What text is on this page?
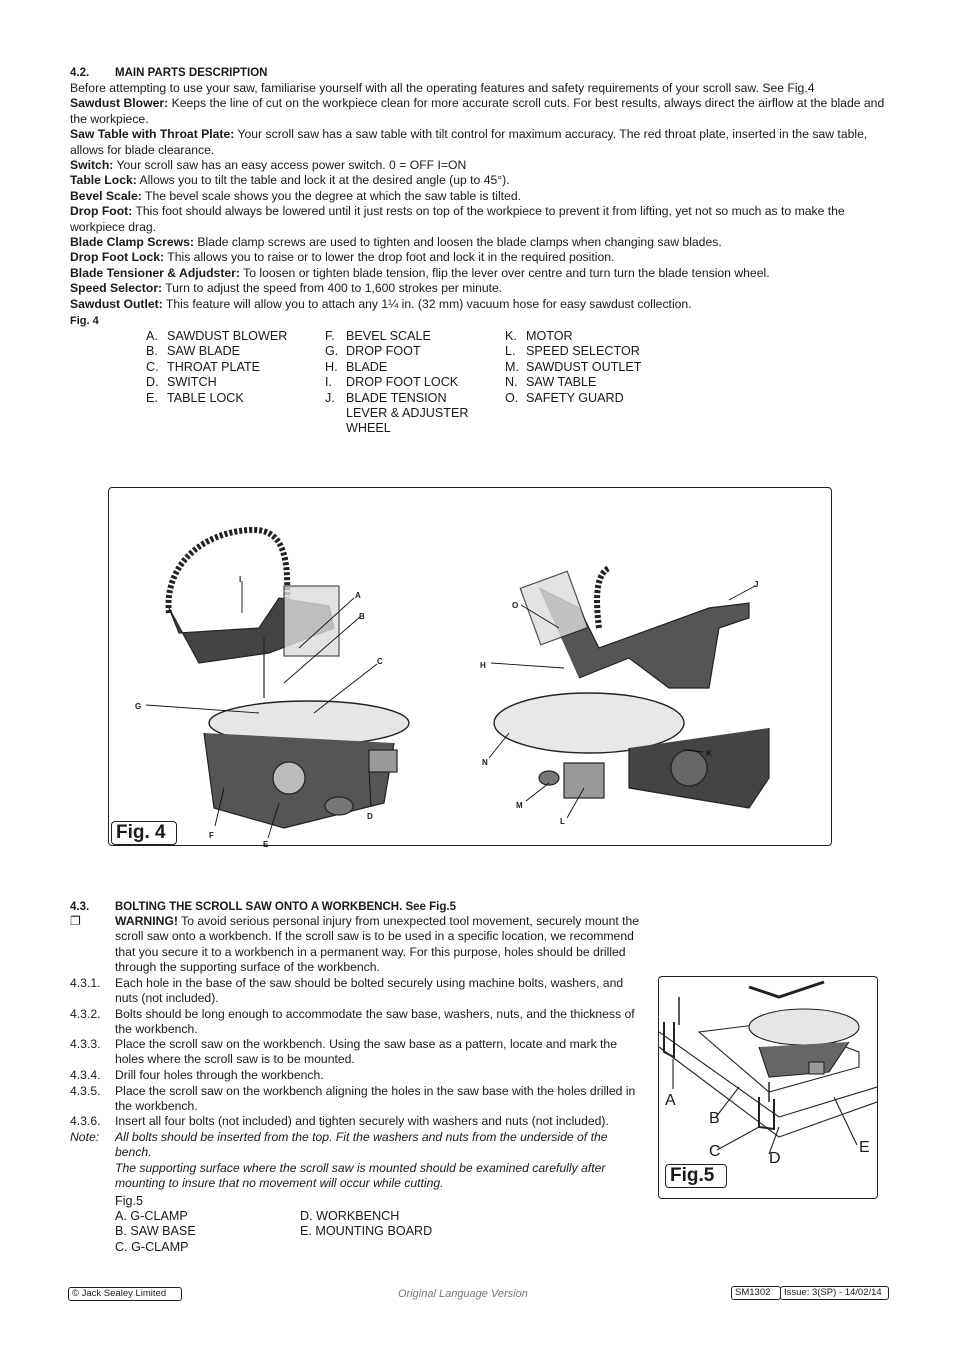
4.2. MAIN PARTS DESCRIPTION

Before attempting to use your saw, familiarise yourself with all the operating features and safety requirements of your scroll saw. See Fig.4

Sawdust Blower: Keeps the line of cut on the workpiece clean for more accurate scroll cuts. For best results, always direct the airflow at the blade and the workpiece.

Saw Table with Throat Plate: Your scroll saw has a saw table with tilt control for maximum accuracy. The red throat plate, inserted in the saw table, allows for blade clearance.

Switch: Your scroll saw has an easy access power switch. 0 = OFF I=ON

Table Lock: Allows you to tilt the table and lock it at the desired angle (up to 45°).

Bevel Scale: The bevel scale shows you the degree at which the saw table is tilted.

Drop Foot: This foot should always be lowered until it just rests on top of the workpiece to prevent it from lifting, yet not so much as to make the workpiece drag.

Blade Clamp Screws: Blade clamp screws are used to tighten and loosen the blade clamps when changing saw blades.

Drop Foot Lock: This allows you to raise or to lower the drop foot and lock it in the required position.

Blade Tensioner & Adjudster: To loosen or tighten blade tension, flip the lever over centre and turn turn the blade tension wheel.

Speed Selector: Turn to adjust the speed from 400 to 1,600 strokes per minute.

Sawdust Outlet: This feature will allow you to attach any 1¼ in. (32 mm) vacuum hose for easy sawdust collection.

Fig. 4
A. SAWDUST BLOWER
B. SAW BLADE
C. THROAT PLATE
D. SWITCH
E. TABLE LOCK
F. BEVEL SCALE
G. DROP FOOT
H. BLADE
I.	DROP FOOT LOCK
J. BLADE TENSION LEVER & ADJUSTER WHEEL
K. MOTOR
L. SPEED SELECTOR
M. SAWDUST OUTLET
N. SAW TABLE
O. SAFETY GUARD
I
A
B
C
G
D
F
E
O
J
H
K
N
M
L
Fig. 4
4.3. BOLTING THE SCROLL SAW ONTO A WORKBENCH. See Fig.5
❐	WARNING! To avoid serious personal injury from unexpected tool movement, securely mount the scroll saw onto a workbench. If the scroll saw is to be used in a specific location, we recommend that you secure it to a workbench in a permanent way. For this purpose, holes should be drilled through the supporting surface of the workbench.
4.3.1.	Each hole in the base of the saw should be bolted securely using machine bolts, washers, and nuts (not included).
4.3.2.	Bolts should be long enough to accommodate the saw base, washers, nuts, and the thickness of the workbench.
4.3.3.	Place the scroll saw on the workbench. Using the saw base as a pattern, locate and mark the holes where the scroll saw is to be mounted.
4.3.4.	Drill four holes through the workbench.
4.3.5.	Place the scroll saw on the workbench aligning the holes in the saw base with the holes drilled in the workbench.
4.3.6.	Insert all four bolts (not included) and tighten securely with washers and nuts (not included).
Note:	All bolts should be inserted from the top. Fit the washers and nuts from the underside of the bench.
The supporting surface where the scroll saw is mounted should be examined carefully after mounting to insure that no movement will occur while cutting.
Fig.5
A. G-CLAMP
B. SAW BASE
C. G-CLAMP
D. WORKBENCH
E. MOUNTING BOARD
A
B
C	D
E
Fig.5
© Jack Sealey Limited	Original Language Version	SM1302	Issue: 3(SP) - 14/02/14
